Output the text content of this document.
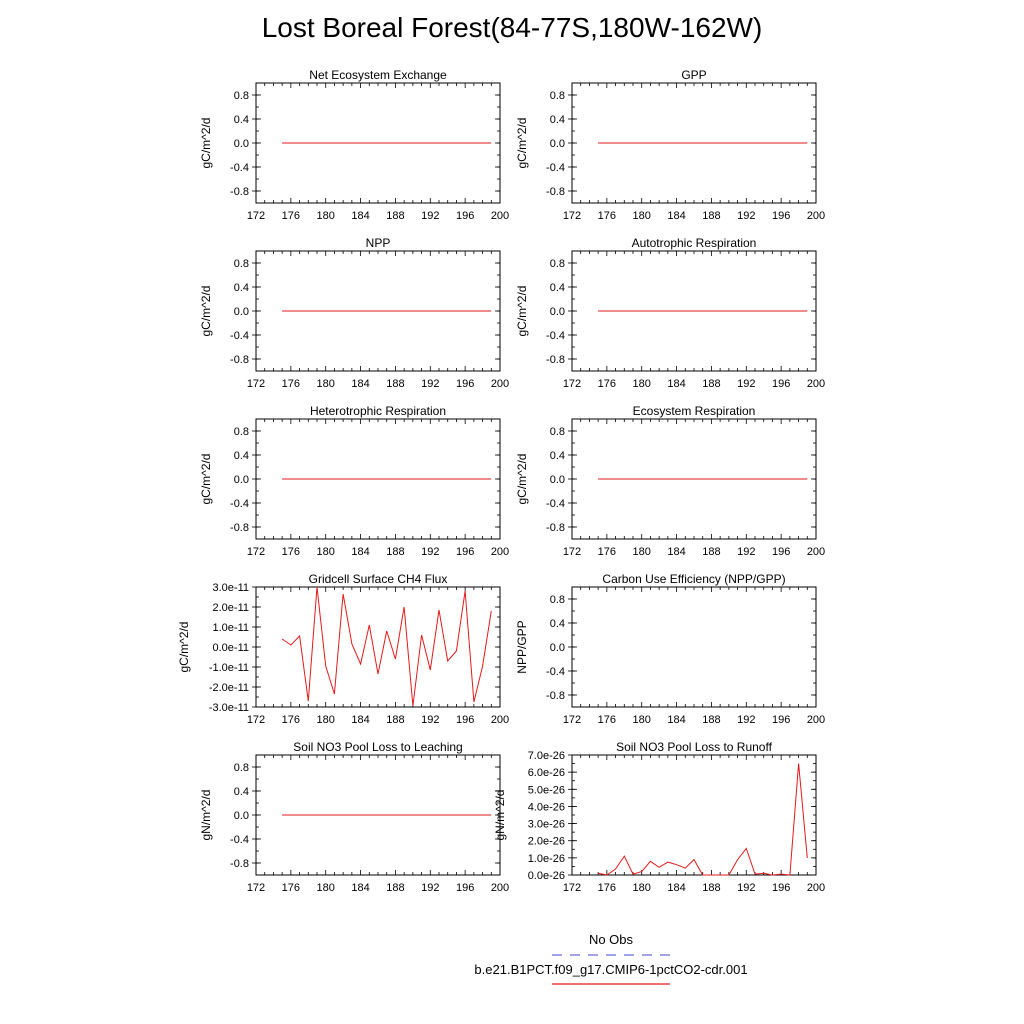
Lost Boreal Forest(84-77S,180W-162W)
Net Ecosystem Exchange
gC/m^2/d
172 176 180 184 188 192 196 200
-0.8
-0.4
0.0
0.4
0.8
GPP
gC/m^2/d
172 176 180 184 188 192 196 200
-0.8
-0.4
0.0
0.4
0.8
NPP
gC/m^2/d
172 176 180 184 188 192 196 200
-0.8
-0.4
0.0
0.4
0.8
Autotrophic Respiration
gC/m^2/d
172 176 180 184 188 192 196 200
-0.8
-0.4
0.0
0.4
0.8
Heterotrophic Respiration
gC/m^2/d
172 176 180 184 188 192 196 200
-0.8
-0.4
0.0
0.4
0.8
Ecosystem Respiration
gC/m^2/d
172 176 180 184 188 192 196 200
-0.8
-0.4
0.0
0.4
0.8
Gridcell Surface CH4 Flux
gC/m^2/d
172 176 180 184 188 192 196 200
-3.0e-11
-2.0e-11
-1.0e-11
0.0e-11
1.0e-11
2.0e-11
3.0e-11
Carbon Use Efficiency (NPP/GPP)
NPP/GPP
172 176 180 184 188 192 196 200
-0.8
-0.4
0.0
0.4
0.8
Soil NO3 Pool Loss to Leaching
gN/m^2/d
172 176 180 184 188 192 196 200
-0.8
-0.4
0.0
0.4
0.8
Soil NO3 Pool Loss to Runoff
gN/m^2/d
172 176 180 184 188 192 196 200
0.0e-26
1.0e-26
2.0e-26
3.0e-26
4.0e-26
5.0e-26
6.0e-26
7.0e-26
No Obs
b.e21.B1PCT.f09_g17.CMIP6-1pctCO2-cdr.001
